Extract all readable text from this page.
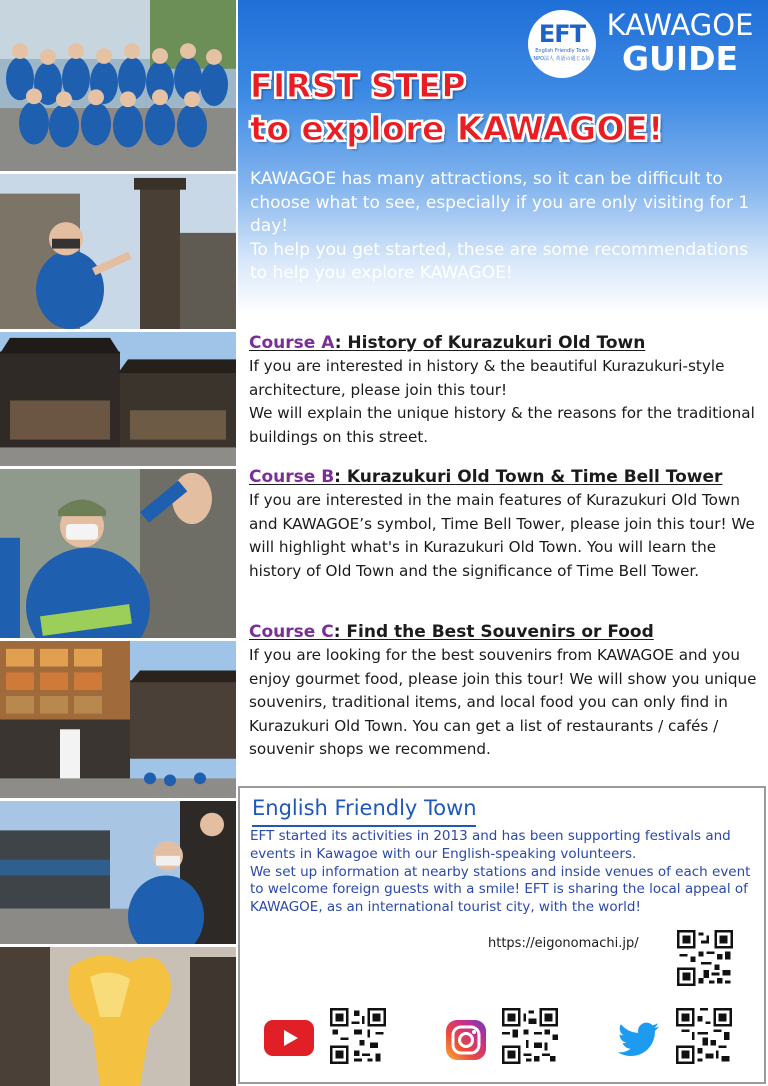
EFT
English Friendly Town
NPO法人 英語の通じる街
KAWAGOE
GUIDE
FIRST STEP
to explore KAWAGOE!

KAWAGOE has many attractions, so it can be difficult to choose what to see, especially if you are only visiting for 1 day!

To help you get started, these are some recommendations to help you explore KAWAGOE!

Course A: History of Kurazukuri Old Town
If you are interested in history & the beautiful Kurazukuri-style architecture, please join this tour!
We will explain the unique history & the reasons for the traditional buildings on this street.
Course B: Kurazukuri Old Town & Time Bell Tower
If you are interested in the main features of Kurazukuri Old Town and KAWAGOE’s symbol, Time Bell Tower, please join this tour! We will highlight what's in Kurazukuri Old Town. You will learn the history of Old Town and the significance of Time Bell Tower.
Course C: Find the Best Souvenirs or Food
If you are looking for the best souvenirs from KAWAGOE and you enjoy gourmet food, please join this tour! We will show you unique souvenirs, traditional items, and local food you can only find in Kurazukuri Old Town. You can get a list of restaurants / cafés / souvenir shops we recommend.
English Friendly Town

EFT started its activities in 2013 and has been supporting festivals and events in Kawagoe with our English-speaking volunteers.

We set up information at nearby stations and inside venues of each event to welcome foreign guests with a smile! EFT is sharing the local appeal of KAWAGOE, as an international tourist city, with the world!

https://eigonomachi.jp/
